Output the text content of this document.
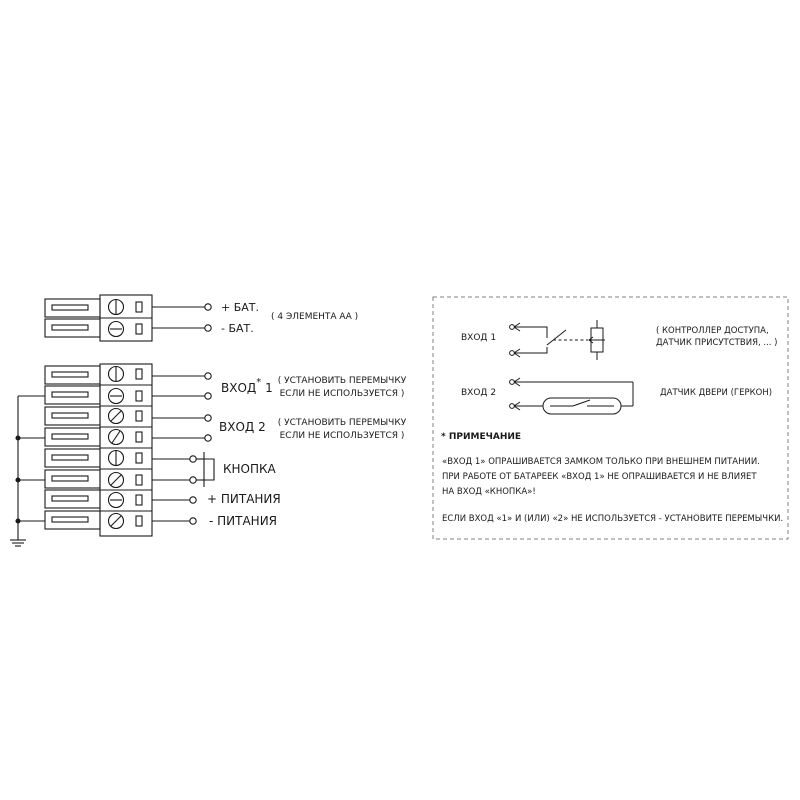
+ БАТ.
- БАТ.
( 4 ЭЛЕМЕНТА АА )
ВХОД* 1 ( УСТАНОВИТЬ ПЕРЕМЫЧКУ
ЕСЛИ НЕ ИСПОЛЬЗУЕТСЯ )
ВХОД 2 ( УСТАНОВИТЬ ПЕРЕМЫЧКУ
ЕСЛИ НЕ ИСПОЛЬЗУЕТСЯ )
КНОПКА
+ ПИТАНИЯ
- ПИТАНИЯ
ВХОД 1
( КОНТРОЛЛЕР ДОСТУПА,
ДАТЧИК ПРИСУТСТВИЯ, ... )
ВХОД 2	ДАТЧИК ДВЕРИ (ГЕРКОН)
* ПРИМЕЧАНИЕ
«ВХОД 1» ОПРАШИВАЕТСЯ ЗАМКОМ ТОЛЬКО ПРИ ВНЕШНЕМ ПИТАНИИ.
ПРИ РАБОТЕ ОТ БАТАРЕЕК «ВХОД 1» НЕ ОПРАШИВАЕТСЯ И НЕ ВЛИЯЕТ
НА ВХОД «КНОПКА»!
ЕСЛИ ВХОД «1» И (ИЛИ) «2» НЕ ИСПОЛЬЗУЕТСЯ - УСТАНОВИТЕ ПЕРЕМЫЧКИ.
